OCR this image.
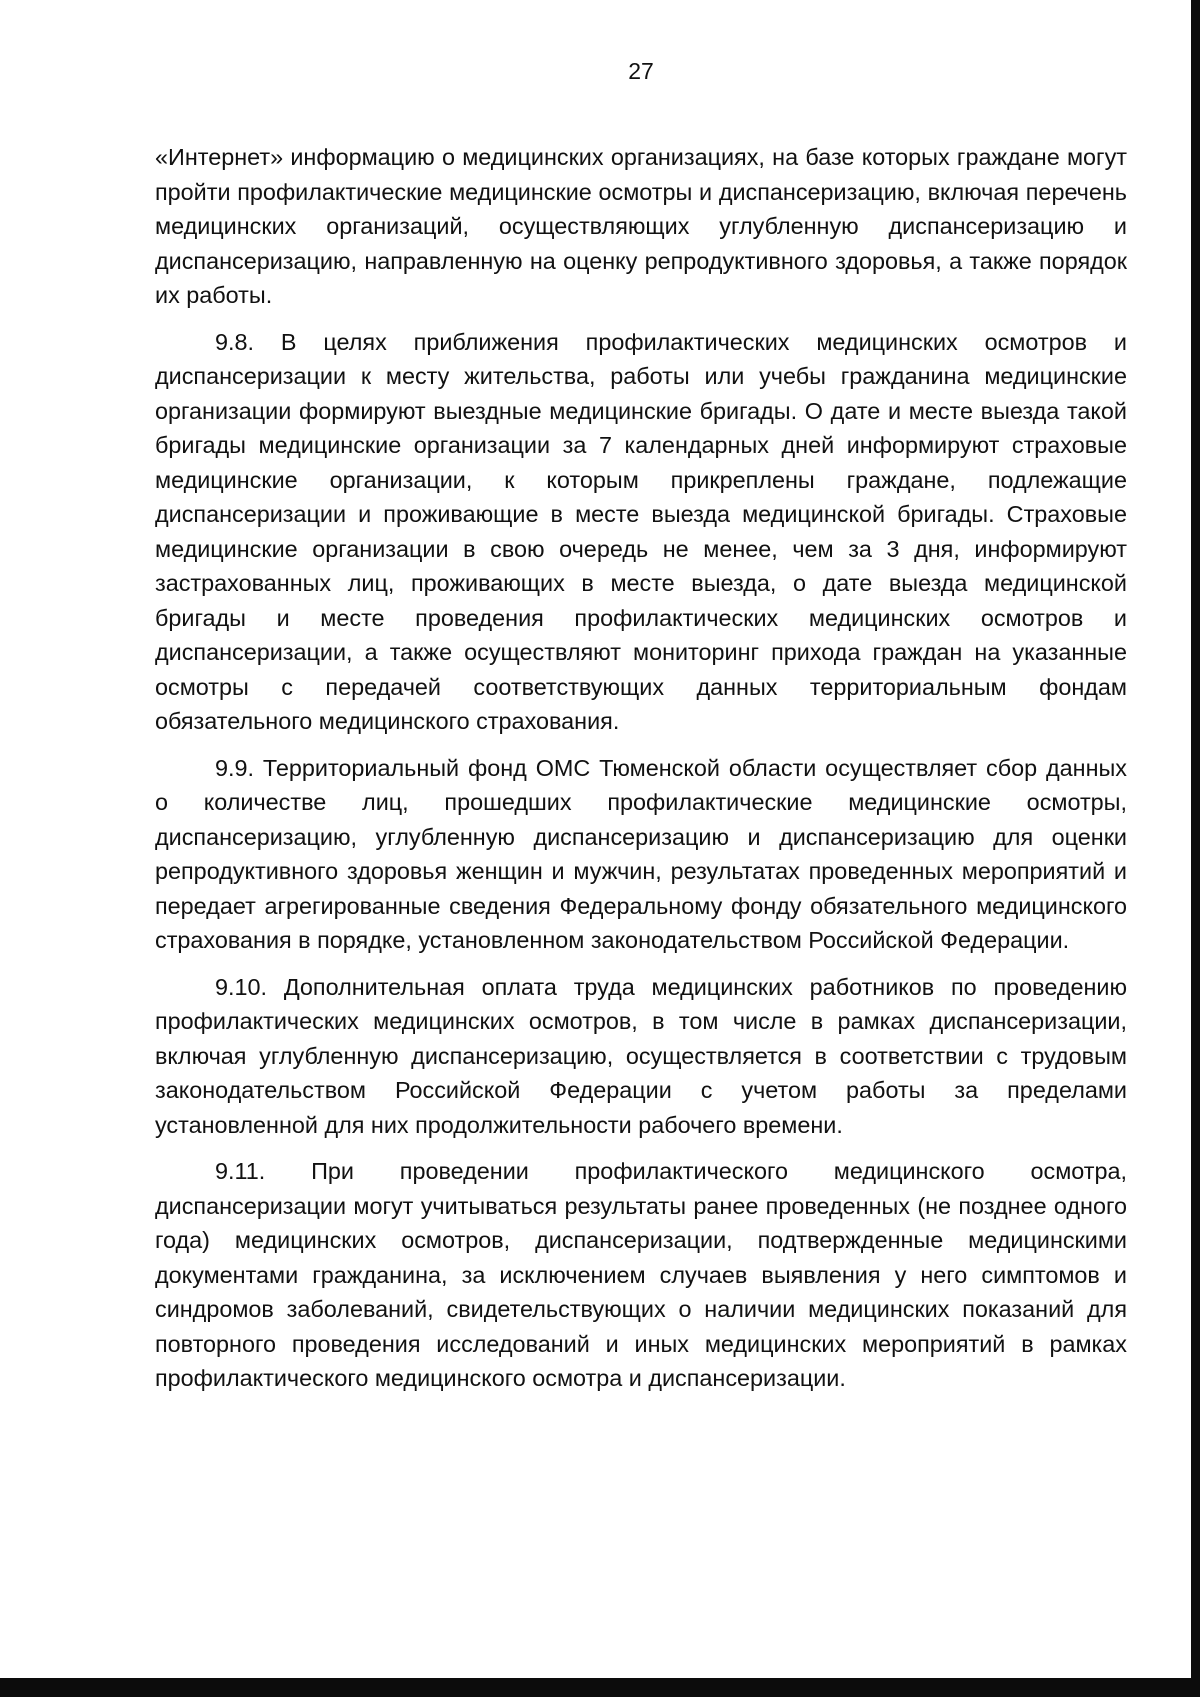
27

«Интернет» информацию о медицинских организациях, на базе которых граждане могут пройти профилактические медицинские осмотры и диспансеризацию, включая перечень медицинских организаций, осуществляющих углубленную диспансеризацию и диспансеризацию, направленную на оценку репродуктивного здоровья, а также порядок их работы.

9.8. В целях приближения профилактических медицинских осмотров и диспансеризации к месту жительства, работы или учебы гражданина медицинские организации формируют выездные медицинские бригады. О дате и месте выезда такой бригады медицинские организации за 7 календарных дней информируют страховые медицинские организации, к которым прикреплены граждане, подлежащие диспансеризации и проживающие в месте выезда медицинской бригады. Страховые медицинские организации в свою очередь не менее, чем за 3 дня, информируют застрахованных лиц, проживающих в месте выезда, о дате выезда медицинской бригады и месте проведения профилактических медицинских осмотров и диспансеризации, а также осуществляют мониторинг прихода граждан на указанные осмотры с передачей соответствующих данных территориальным фондам обязательного медицинского страхования.

9.9. Территориальный фонд ОМС Тюменской области осуществляет сбор данных о количестве лиц, прошедших профилактические медицинские осмотры, диспансеризацию, углубленную диспансеризацию и диспансеризацию для оценки репродуктивного здоровья женщин и мужчин, результатах проведенных мероприятий и передает агрегированные сведения Федеральному фонду обязательного медицинского страхования в порядке, установленном законодательством Российской Федерации.

9.10. Дополнительная оплата труда медицинских работников по проведению профилактических медицинских осмотров, в том числе в рамках диспансеризации, включая углубленную диспансеризацию, осуществляется в соответствии с трудовым законодательством Российской Федерации с учетом работы за пределами установленной для них продолжительности рабочего времени.

9.11. При проведении профилактического медицинского осмотра, диспансеризации могут учитываться результаты ранее проведенных (не позднее одного года) медицинских осмотров, диспансеризации, подтвержденные медицинскими документами гражданина, за исключением случаев выявления у него симптомов и синдромов заболеваний, свидетельствующих о наличии медицинских показаний для повторного проведения исследований и иных медицинских мероприятий в рамках профилактического медицинского осмотра и диспансеризации.
